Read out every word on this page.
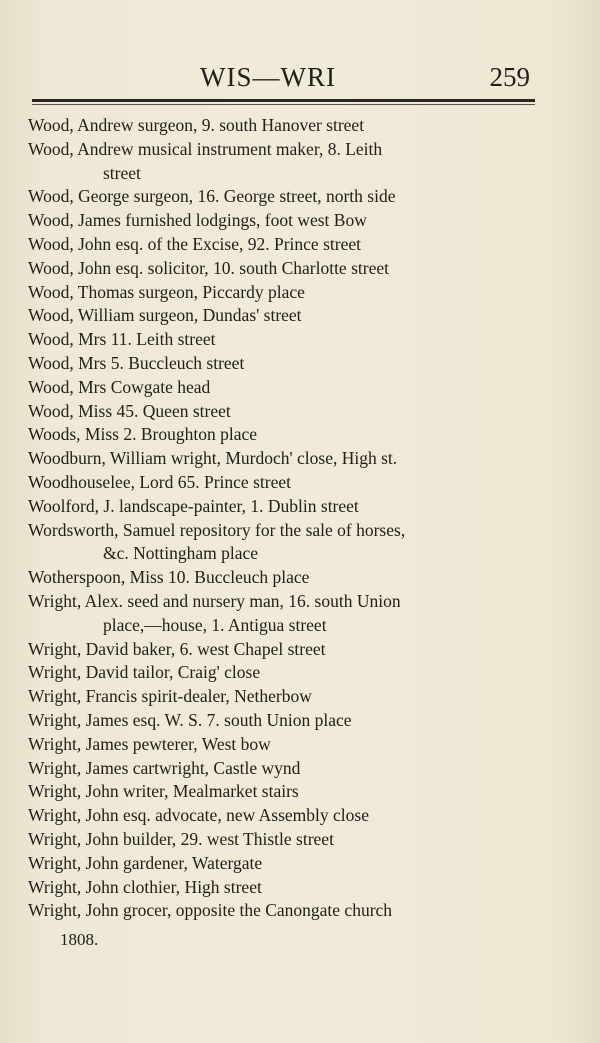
WIS—WRI	259
Wood, Andrew surgeon, 9. south Hanover street
Wood, Andrew musical instrument maker, 8. Leith
street
Wood, George surgeon, 16. George street, north side
Wood, James furnished lodgings, foot west Bow
Wood, John esq. of the Excise, 92. Prince street
Wood, John esq. solicitor, 10. south Charlotte street
Wood, Thomas surgeon, Piccardy place
Wood, William surgeon, Dundas' street
Wood, Mrs 11. Leith street
Wood, Mrs 5. Buccleuch street
Wood, Mrs Cowgate head
Wood, Miss 45. Queen street
Woods, Miss 2. Broughton place
Woodburn, William wright, Murdoch' close, High st.
Woodhouselee, Lord 65. Prince street
Woolford, J. landscape-painter, 1. Dublin street
Wordsworth, Samuel repository for the sale of horses,
&c. Nottingham place
Wotherspoon, Miss 10. Buccleuch place
Wright, Alex. seed and nursery man, 16. south Union
place,—house, 1. Antigua street
Wright, David baker, 6. west Chapel street
Wright, David tailor, Craig' close
Wright, Francis spirit-dealer, Netherbow
Wright, James esq. W. S. 7. south Union place
Wright, James pewterer, West bow
Wright, James cartwright, Castle wynd
Wright, John writer, Mealmarket stairs
Wright, John esq. advocate, new Assembly close
Wright, John builder, 29. west Thistle street
Wright, John gardener, Watergate
Wright, John clothier, High street
Wright, John grocer, opposite the Canongate church
1808.
